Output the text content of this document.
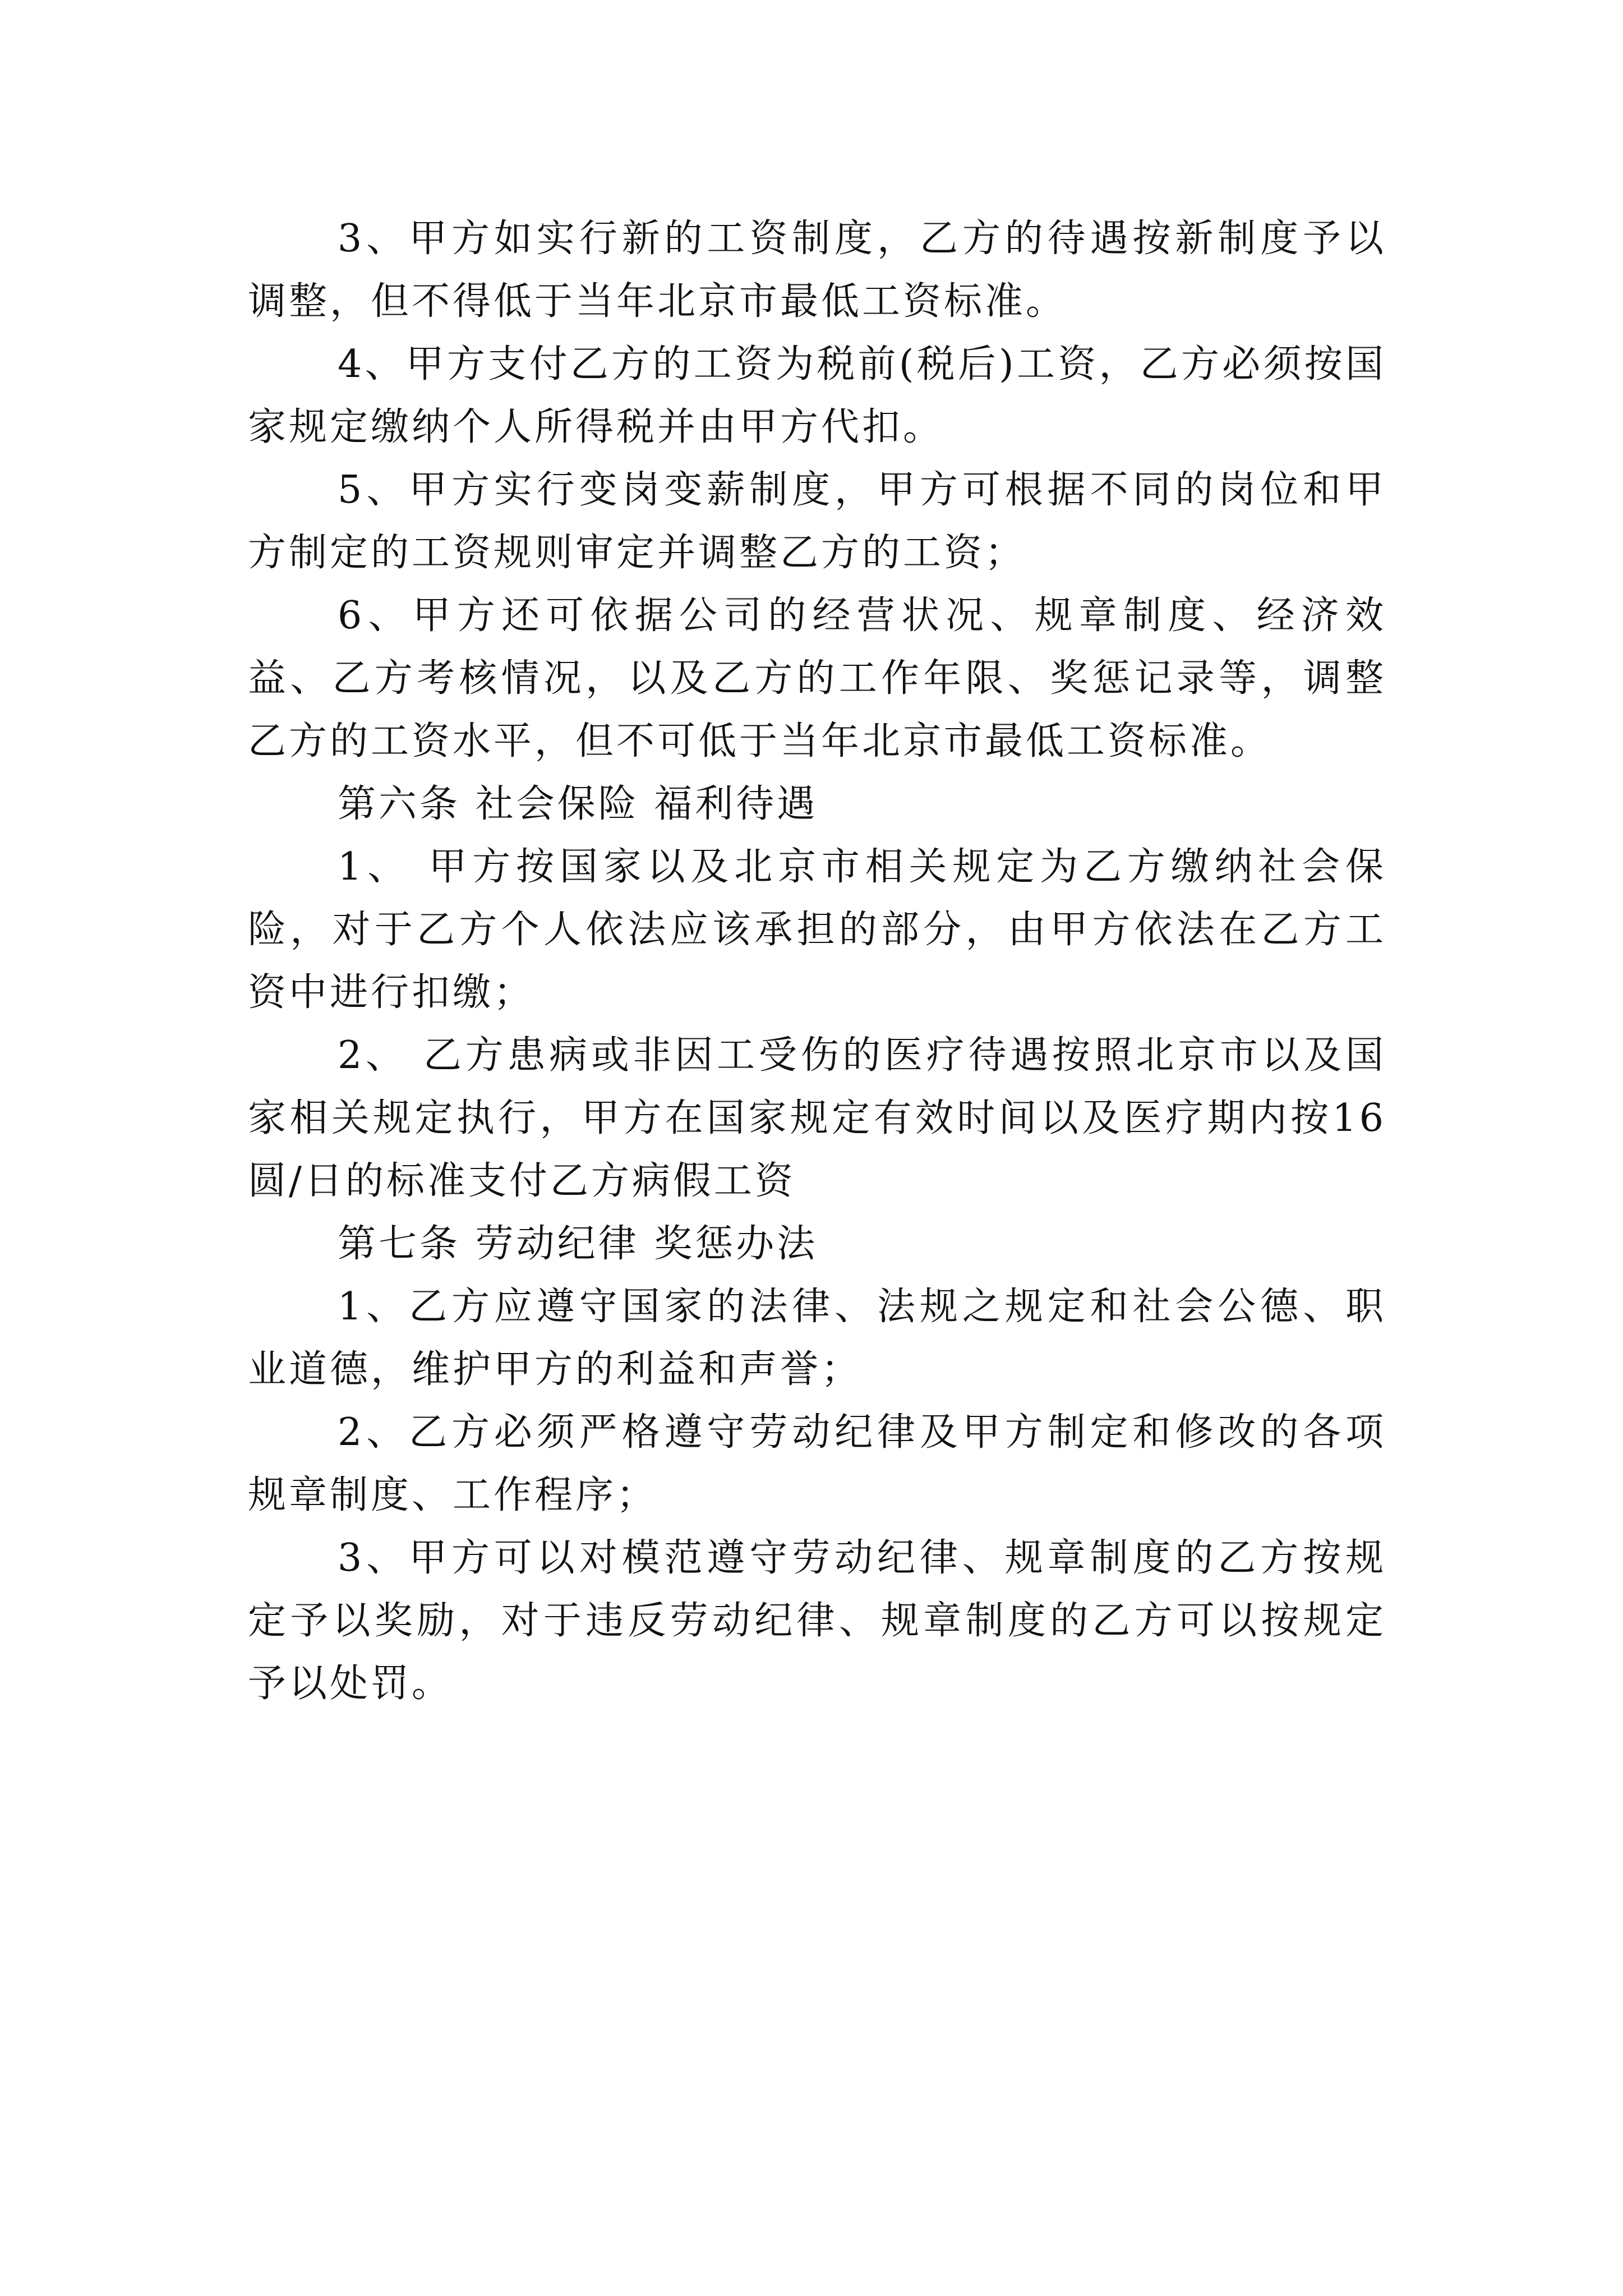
3、甲方如实行新的工资制度，乙方的待遇按新制度予以调整，但不得低于当年北京市最低工资标准。

4、甲方支付乙方的工资为税前(税后)工资，乙方必须按国家规定缴纳个人所得税并由甲方代扣。

5、甲方实行变岗变薪制度，甲方可根据不同的岗位和甲方制定的工资规则审定并调整乙方的工资；

6、甲方还可依据公司的经营状况、规章制度、经济效益、乙方考核情况，以及乙方的工作年限、奖惩记录等，调整乙方的工资水平，但不可低于当年北京市最低工资标准。

第六条 社会保险 福利待遇

1、 甲方按国家以及北京市相关规定为乙方缴纳社会保险，对于乙方个人依法应该承担的部分，由甲方依法在乙方工资中进行扣缴；

2、 乙方患病或非因工受伤的医疗待遇按照北京市以及国家相关规定执行，甲方在国家规定有效时间以及医疗期内按16圆/日的标准支付乙方病假工资

第七条 劳动纪律 奖惩办法

1、乙方应遵守国家的法律、法规之规定和社会公德、职业道德，维护甲方的利益和声誉；

2、乙方必须严格遵守劳动纪律及甲方制定和修改的各项规章制度、工作程序；

3、甲方可以对模范遵守劳动纪律、规章制度的乙方按规定予以奖励，对于违反劳动纪律、规章制度的乙方可以按规定予以处罚。
